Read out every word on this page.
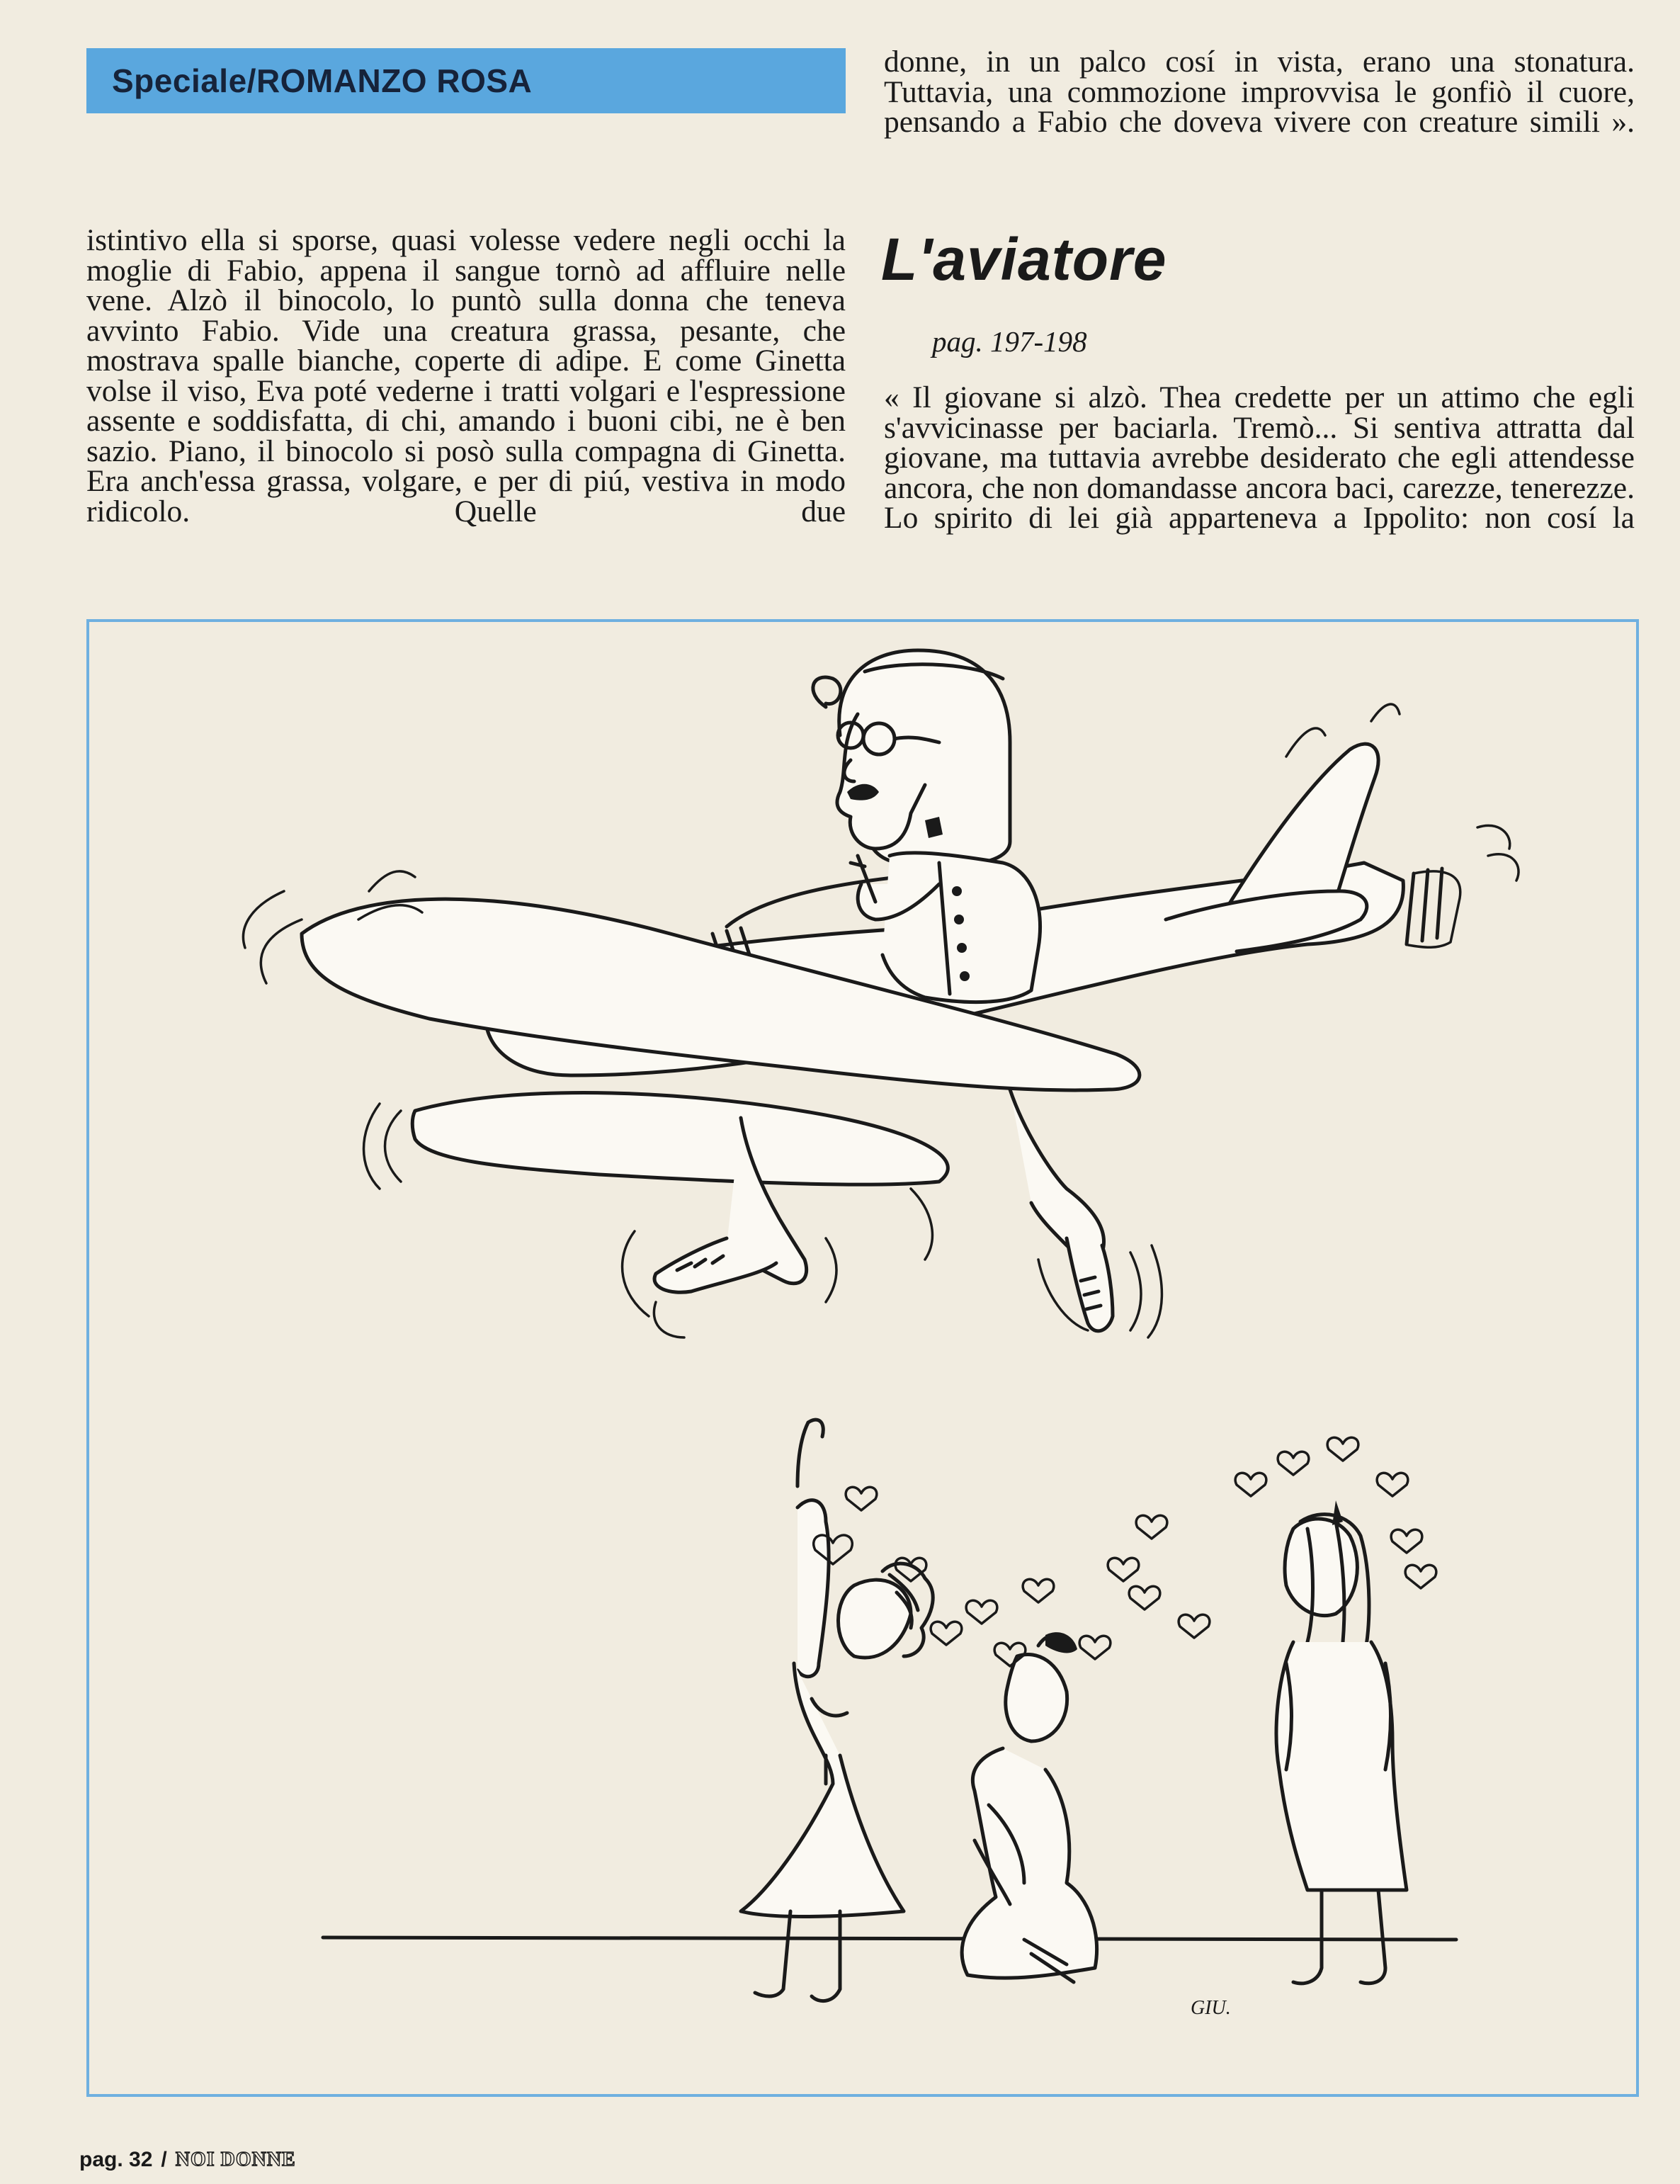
Speciale/ROMANZO ROSA

istintivo ella si sporse, quasi volesse vedere negli occhi la moglie di Fabio, appena il sangue tornò ad affluire nelle vene. Alzò il binocolo, lo puntò sulla donna che teneva avvinto Fabio. Vide una creatura grassa, pesante, che mostrava spalle bianche, coperte di adipe. E come Ginetta volse il viso, Eva poté vederne i tratti volgari e l'espressione assente e soddisfatta, di chi, amando i buoni cibi, ne è ben sazio. Piano, il binocolo si posò sulla compagna di Ginetta. Era anch'essa grassa, volgare, e per di piú, vestiva in modo ridicolo. Quelle due

donne, in un palco cosí in vista, erano una stonatura. Tuttavia, una commozione improvvisa le gonfiò il cuore, pensando a Fabio che doveva vivere con creature simili ».

L'aviatore

pag. 197-198

« Il giovane si alzò. Thea credette per un attimo che egli s'avvicinasse per baciarla. Tremò... Si sentiva attratta dal giovane, ma tuttavia avrebbe desiderato che egli attendesse ancora, che non domandasse ancora baci, carezze, tenerezze. Lo spirito di lei già apparteneva a Ippolito: non cosí la

GIU.
pag. 32 / NOI DONNE
